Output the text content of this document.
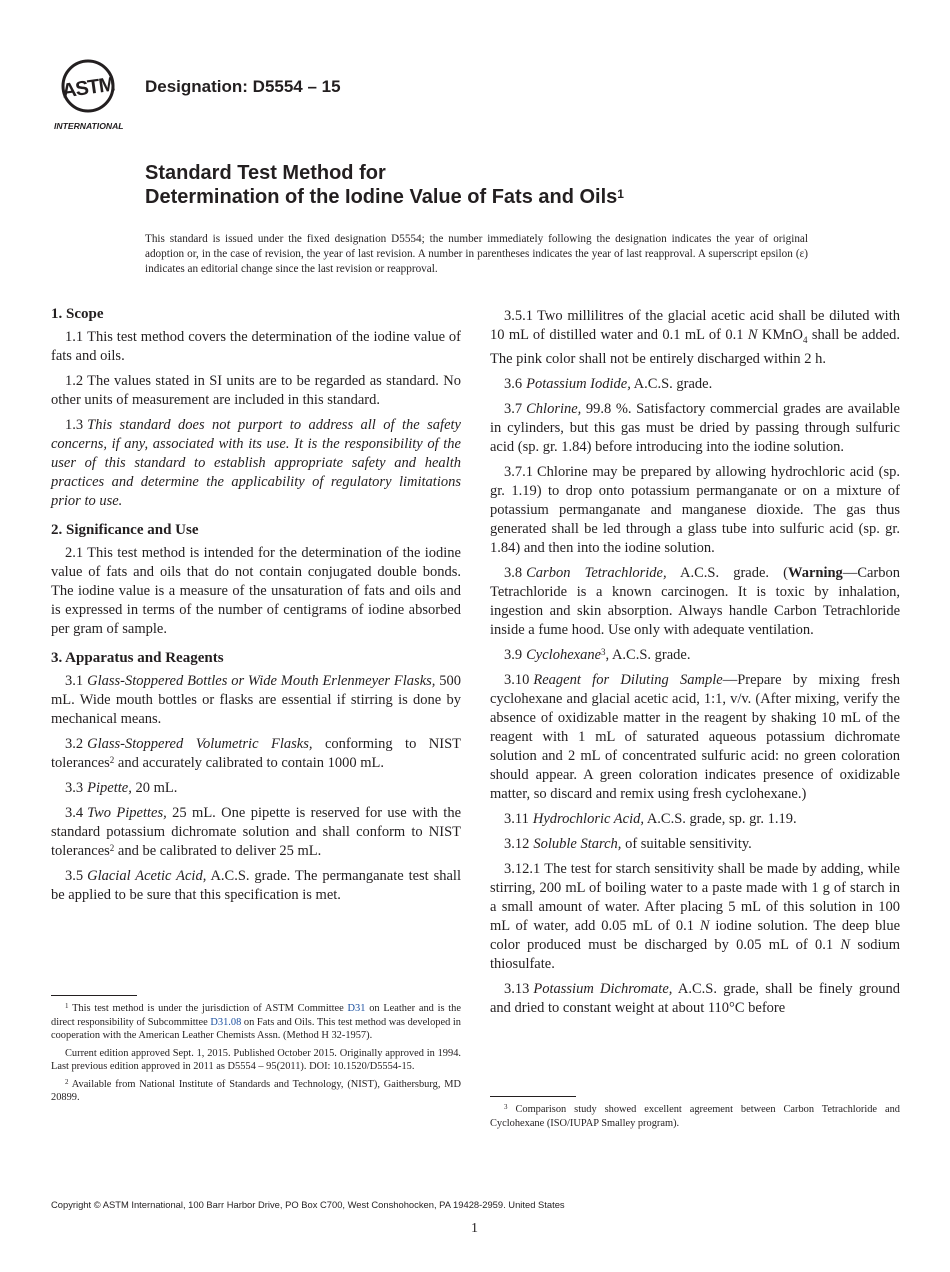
ASTM
INTERNATIONAL
Designation: D5554 – 15
Standard Test Method for
Determination of the Iodine Value of Fats and Oils$^1$
This standard is issued under the fixed designation D5554; the number immediately following the designation indicates the year of original adoption or, in the case of revision, the year of last revision. A number in parentheses indicates the year of last reapproval. A superscript epsilon (ε) indicates an editorial change since the last revision or reapproval.
1. Scope

1.1 This test method covers the determination of the iodine value of fats and oils.

1.2 The values stated in SI units are to be regarded as standard. No other units of measurement are included in this standard.

1.3 This standard does not purport to address all of the safety concerns, if any, associated with its use. It is the responsibility of the user of this standard to establish appropriate safety and health practices and determine the applicability of regulatory limitations prior to use.

2. Significance and Use

2.1 This test method is intended for the determination of the iodine value of fats and oils that do not contain conjugated double bonds. The iodine value is a measure of the unsaturation of fats and oils and is expressed in terms of the number of centigrams of iodine absorbed per gram of sample.

3. Apparatus and Reagents

3.1 Glass-Stoppered Bottles or Wide Mouth Erlenmeyer Flasks, 500 mL. Wide mouth bottles or flasks are essential if stirring is done by mechanical means.

3.2 Glass-Stoppered Volumetric Flasks, conforming to NIST tolerances$^2$ and accurately calibrated to contain 1000 mL.

3.3 Pipette, 20 mL.

3.4 Two Pipettes, 25 mL. One pipette is reserved for use with the standard potassium dichromate solution and shall conform to NIST tolerances$^2$ and be calibrated to deliver 25 mL.

3.5 Glacial Acetic Acid, A.C.S. grade. The permanganate test shall be applied to be sure that this specification is met.

$^1$ This test method is under the jurisdiction of ASTM Committee D31 on Leather and is the direct responsibility of Subcommittee D31.08 on Fats and Oils. This test method was developed in cooperation with the American Leather Chemists Assn. (Method H 32-1957).

Current edition approved Sept. 1, 2015. Published October 2015. Originally approved in 1994. Last previous edition approved in 2011 as D5554 – 95(2011). DOI: 10.1520/D5554-15.

$^2$ Available from National Institute of Standards and Technology, (NIST), Gaithersburg, MD 20899.

3.5.1 Two millilitres of the glacial acetic acid shall be diluted with 10 mL of distilled water and 0.1 mL of 0.1 N KMnO$_4$ shall be added. The pink color shall not be entirely discharged within 2 h.

3.6 Potassium Iodide, A.C.S. grade.

3.7 Chlorine, 99.8 %. Satisfactory commercial grades are available in cylinders, but this gas must be dried by passing through sulfuric acid (sp. gr. 1.84) before introducing into the iodine solution.

3.7.1 Chlorine may be prepared by allowing hydrochloric acid (sp. gr. 1.19) to drop onto potassium permanganate or on a mixture of potassium permanganate and manganese dioxide. The gas thus generated shall be led through a glass tube into sulfuric acid (sp. gr. 1.84) and then into the iodine solution.

3.8 Carbon Tetrachloride, A.C.S. grade. (Warning—Carbon Tetrachloride is a known carcinogen. It is toxic by inhalation, ingestion and skin absorption. Always handle Carbon Tetrachloride inside a fume hood. Use only with adequate ventilation.

3.9 Cyclohexane$^3$, A.C.S. grade.

3.10 Reagent for Diluting Sample—Prepare by mixing fresh cyclohexane and glacial acetic acid, 1:1, v/v. (After mixing, verify the absence of oxidizable matter in the reagent by shaking 10 mL of the reagent with 1 mL of saturated aqueous potassium dichromate solution and 2 mL of concentrated sulfuric acid: no green coloration should appear. A green coloration indicates presence of oxidizable matter, so discard and remix using fresh cyclohexane.)

3.11 Hydrochloric Acid, A.C.S. grade, sp. gr. 1.19.

3.12 Soluble Starch, of suitable sensitivity.

3.12.1 The test for starch sensitivity shall be made by adding, while stirring, 200 mL of boiling water to a paste made with 1 g of starch in a small amount of water. After placing 5 mL of this solution in 100 mL of water, add 0.05 mL of 0.1 N iodine solution. The deep blue color produced must be discharged by 0.05 mL of 0.1 N sodium thiosulfate.

3.13 Potassium Dichromate, A.C.S. grade, shall be finely ground and dried to constant weight at about 110°C before

$^3$ Comparison study showed excellent agreement between Carbon Tetrachloride and Cyclohexane (ISO/IUPAP Smalley program).

Copyright © ASTM International, 100 Barr Harbor Drive, PO Box C700, West Conshohocken, PA 19428-2959. United States
1
